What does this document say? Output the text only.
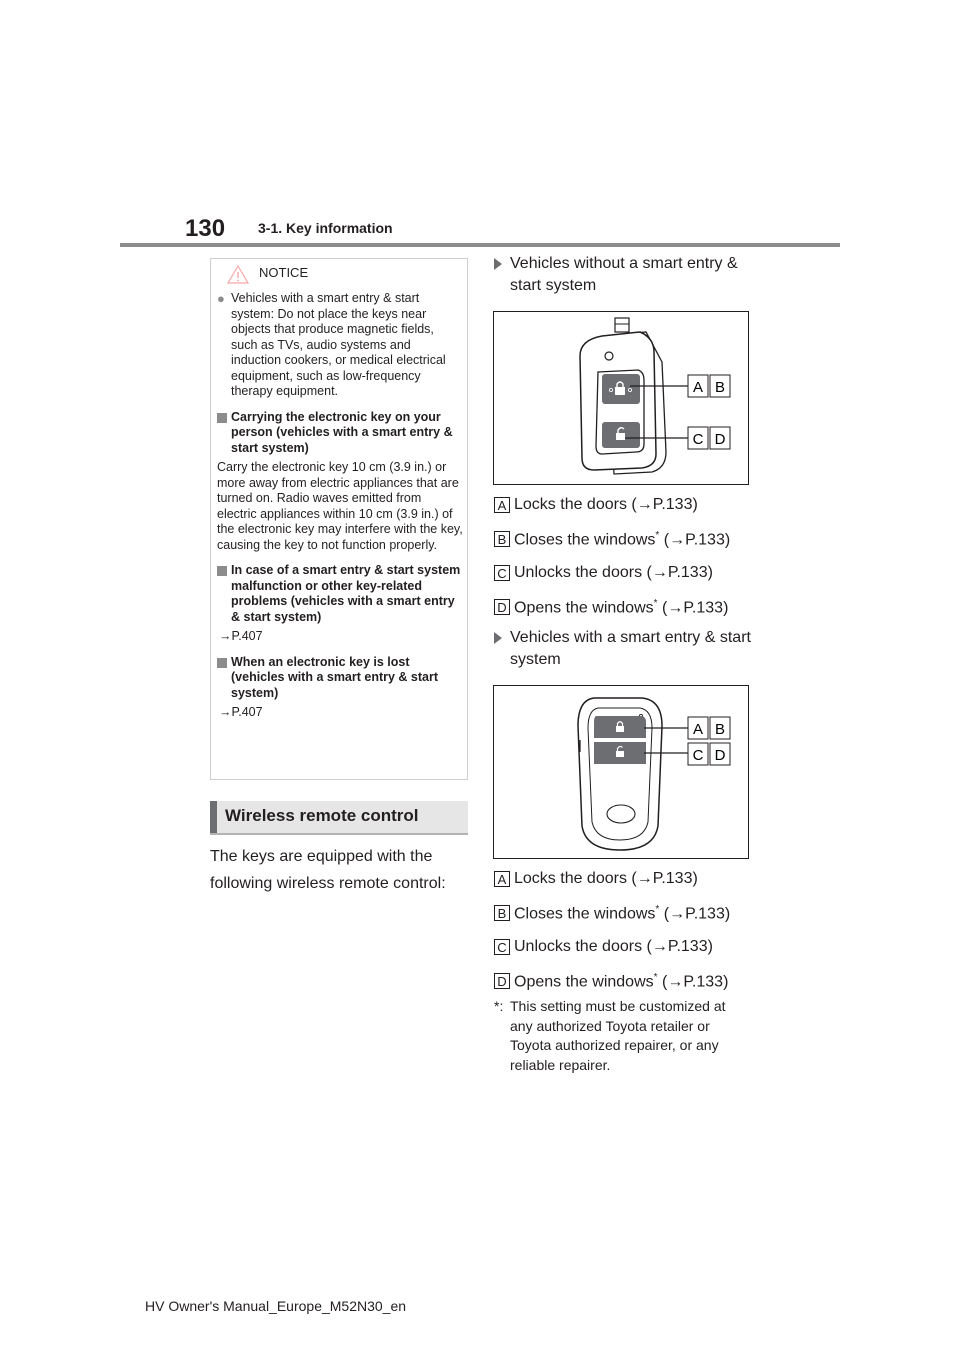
130 3-1. Key information
NOTICE
● Vehicles with a smart entry & start system: Do not place the keys near objects that produce magnetic fields, such as TVs, audio systems and induction cookers, or medical electrical equipment, such as low-frequency therapy equipment.
Carrying the electronic key on your person (vehicles with a smart entry & start system)
Carry the electronic key 10 cm (3.9 in.) or more away from electric appliances that are turned on. Radio waves emitted from electric appliances within 10 cm (3.9 in.) of the electronic key may interfere with the key, causing the key to not function properly.
In case of a smart entry & start system malfunction or other key-related problems (vehicles with a smart entry & start system)
→P.407
When an electronic key is lost (vehicles with a smart entry & start system)
→P.407
Wireless remote control
The keys are equipped with the following wireless remote control:
Vehicles without a smart entry & start system
A B
C D
A Locks the doors (→P.133)
B Closes the windows* (→P.133)
C Unlocks the doors (→P.133)
D Opens the windows* (→P.133)
Vehicles with a smart entry & start system
A B
C D
A Locks the doors (→P.133)
B Closes the windows* (→P.133)
C Unlocks the doors (→P.133)
D Opens the windows* (→P.133)
*: This setting must be customized at any authorized Toyota retailer or Toyota authorized repairer, or any reliable repairer.
HV Owner's Manual_Europe_M52N30_en
